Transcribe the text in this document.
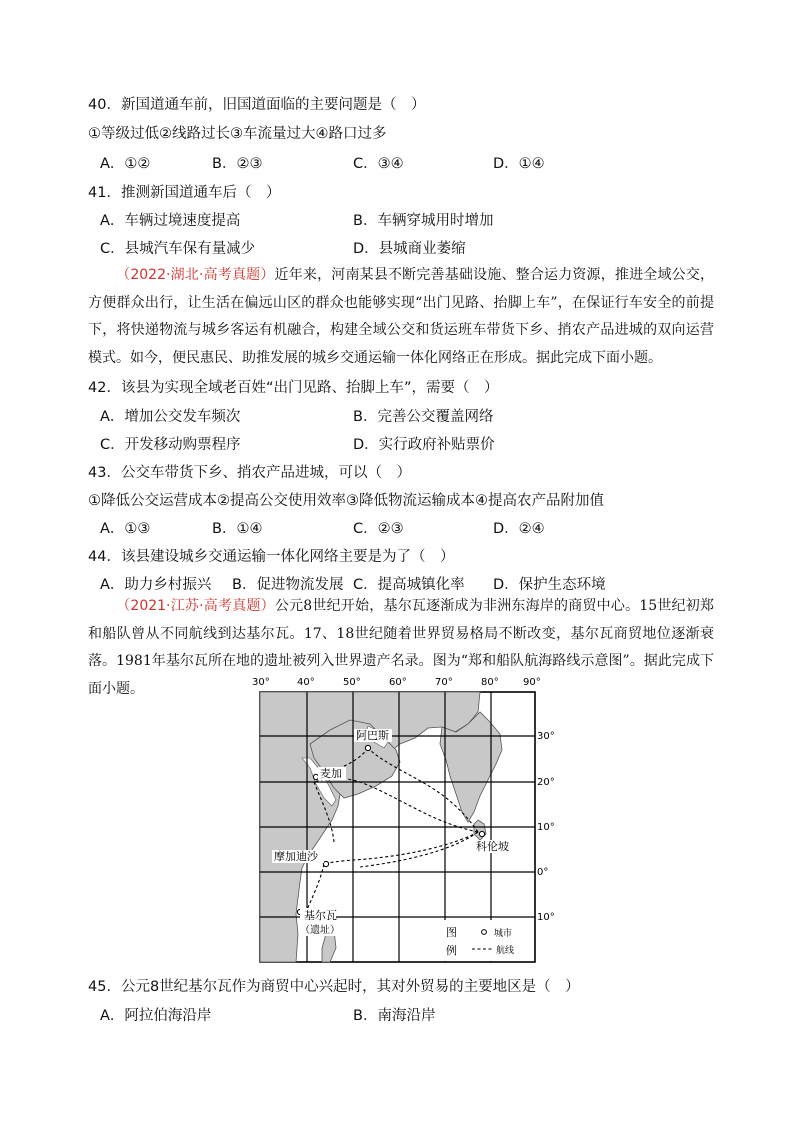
40．新国道通车前，旧国道面临的主要问题是（　）
①等级过低②线路过长③车流量过大④路口过多
A．①②	B．②③	C．③④	D．①④
41．推测新国道通车后（　）
A．车辆过境速度提高	B．车辆穿城用时增加
C．县城汽车保有量减少	D．县城商业萎缩
（2022·湖北·高考真题）近年来，河南某县不断完善基础设施、整合运力资源，推进全域公交，方便群众出行，让生活在偏远山区的群众也能够实现“出门见路、抬脚上车”，在保证行车安全的前提下，将快递物流与城乡客运有机融合，构建全域公交和货运班车带货下乡、捎农产品进城的双向运营模式。如今，便民惠民、助推发展的城乡交通运输一体化网络正在形成。据此完成下面小题。
42．该县为实现全域老百姓“出门见路、抬脚上车”，需要（　）
A．增加公交发车频次	B．完善公交覆盖网络
C．开发移动购票程序	D．实行政府补贴票价
43．公交车带货下乡、捎农产品进城，可以（　）
①降低公交运营成本②提高公交使用效率③降低物流运输成本④提高农产品附加值
A．①③	B．①④	C．②③	D．②④
44．该县建设城乡交通运输一体化网络主要是为了（　）
A．助力乡村振兴 B．促进物流发展 C．提高城镇化率 D．保护生态环境
（2021·江苏·高考真题）公元8世纪开始，基尔瓦逐渐成为非洲东海岸的商贸中心。15世纪初郑和船队曾从不同航线到达基尔瓦。17、18世纪随着世界贸易格局不断改变，基尔瓦商贸地位逐渐衰落。1981年基尔瓦所在地的遗址被列入世界遗产名录。图为“郑和船队航海路线示意图”。据此完成下面小题。
阿巴斯
麦加
摩加迪沙
科伦坡
基尔瓦
（遗址）	图
例
城市
航线
30°	40°	50°	60°	70°	80° 90°
30°
20°
10°
0°
10°
45．公元8世纪基尔瓦作为商贸中心兴起时，其对外贸易的主要地区是（　）
A．阿拉伯海沿岸	B．南海沿岸
